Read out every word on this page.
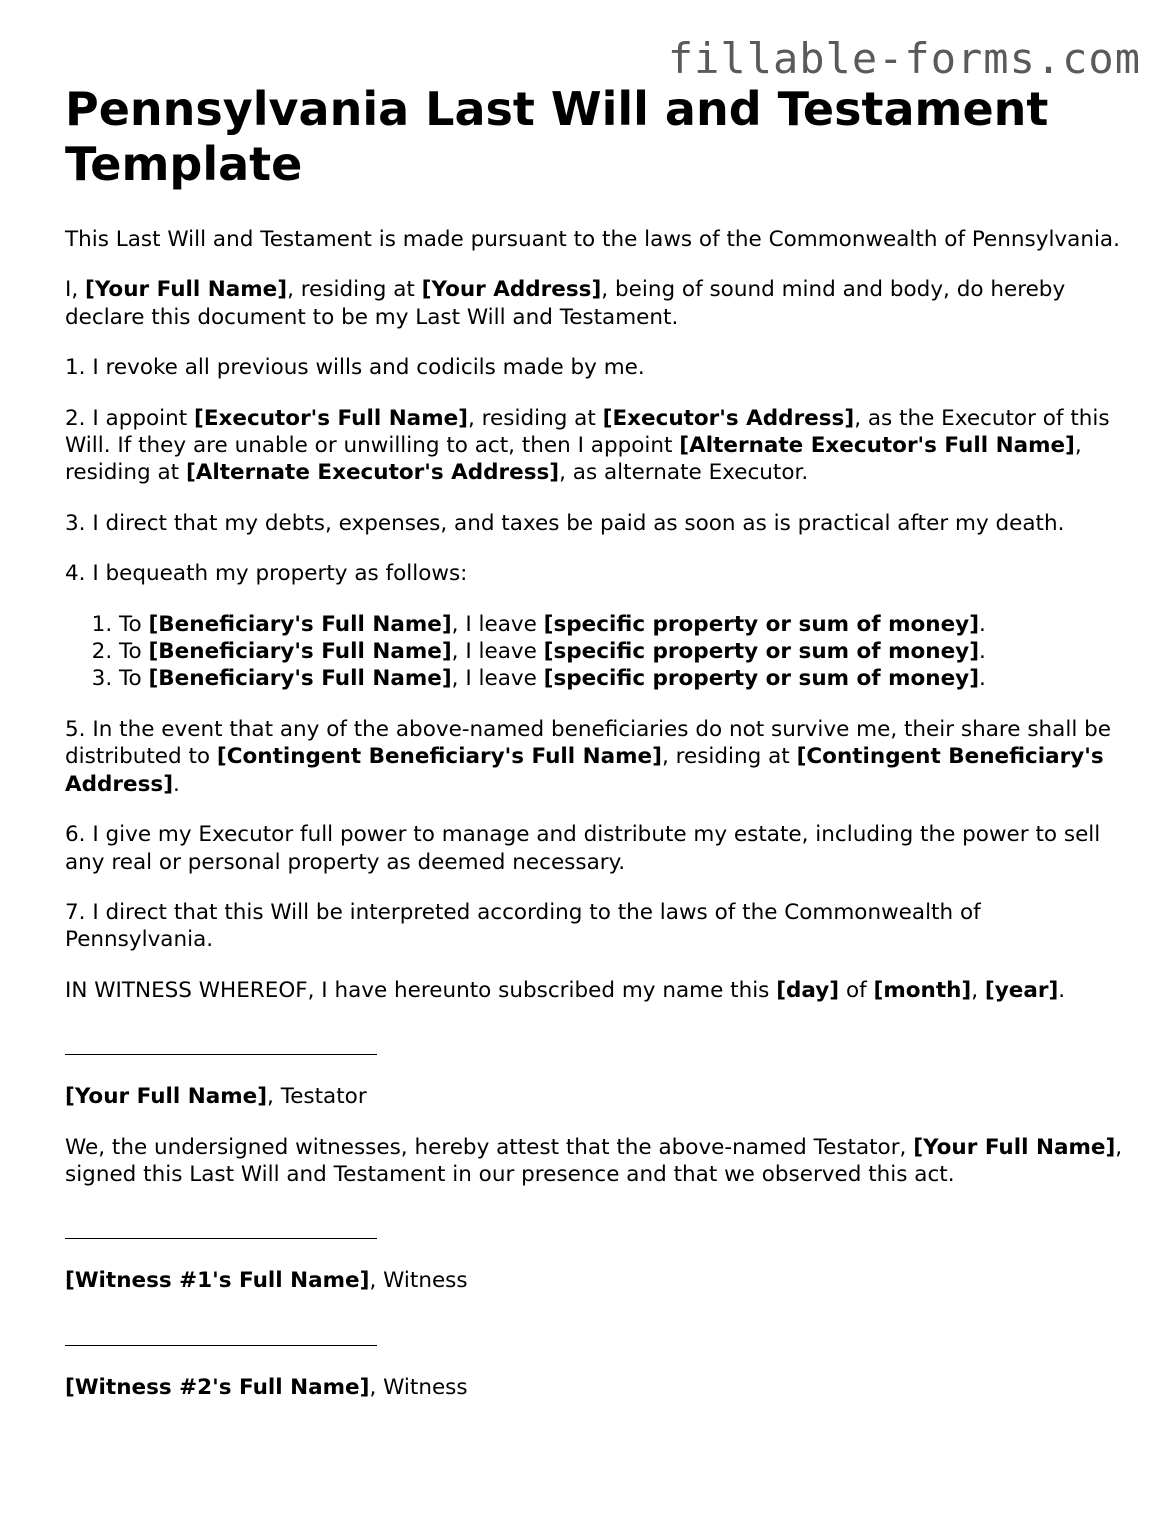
fillable-forms.com
Pennsylvania Last Will and Testament Template

This Last Will and Testament is made pursuant to the laws of the Commonwealth of Pennsylvania.

I, [Your Full Name], residing at [Your Address], being of sound mind and body, do hereby declare this document to be my Last Will and Testament.

1. I revoke all previous wills and codicils made by me.

2. I appoint [Executor's Full Name], residing at [Executor's Address], as the Executor of this Will. If they are unable or unwilling to act, then I appoint [Alternate Executor's Full Name], residing at [Alternate Executor's Address], as alternate Executor.

3. I direct that my debts, expenses, and taxes be paid as soon as is practical after my death.

4. I bequeath my property as follows:

1. To [Beneficiary's Full Name], I leave [specific property or sum of money].
2. To [Beneficiary's Full Name], I leave [specific property or sum of money].
3. To [Beneficiary's Full Name], I leave [specific property or sum of money].

5. In the event that any of the above-named beneficiaries do not survive me, their share shall be distributed to [Contingent Beneficiary's Full Name], residing at [Contingent Beneficiary's Address].

6. I give my Executor full power to manage and distribute my estate, including the power to sell any real or personal property as deemed necessary.

7. I direct that this Will be interpreted according to the laws of the Commonwealth of Pennsylvania.

IN WITNESS WHEREOF, I have hereunto subscribed my name this [day] of [month], [year].

[Your Full Name], Testator

We, the undersigned witnesses, hereby attest that the above-named Testator, [Your Full Name], signed this Last Will and Testament in our presence and that we observed this act.

[Witness #1's Full Name], Witness

[Witness #2's Full Name], Witness
